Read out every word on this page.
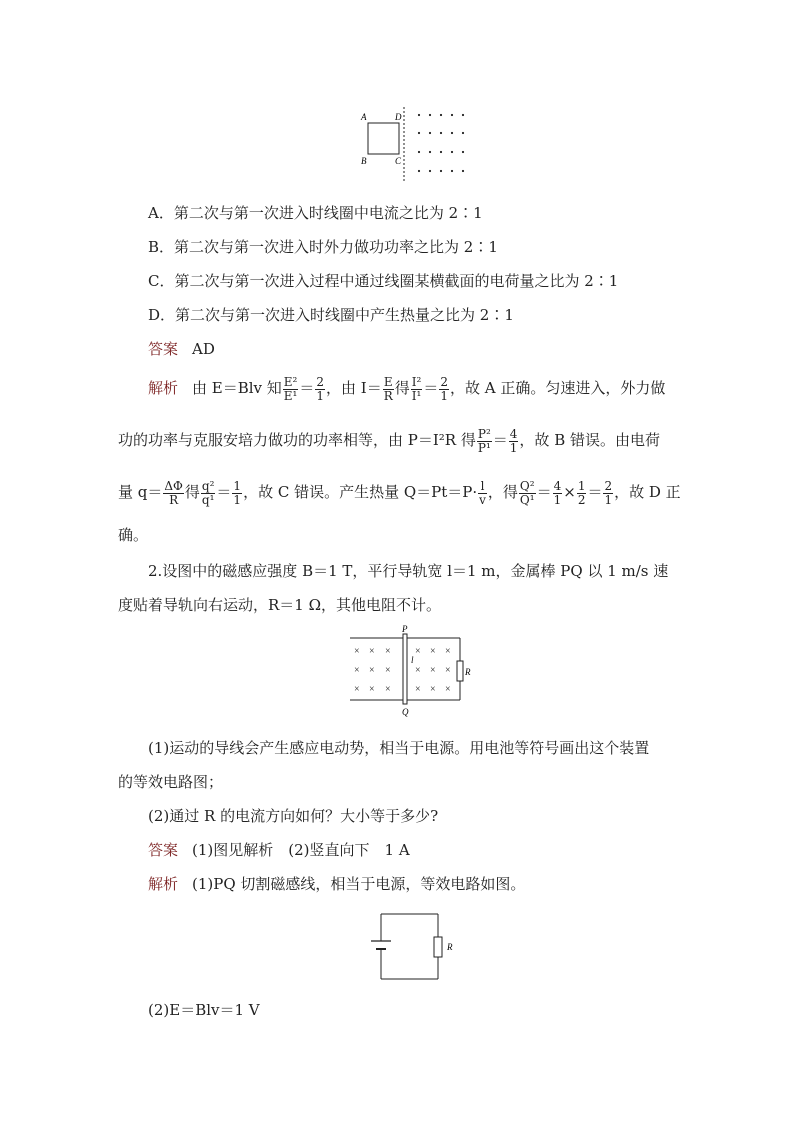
A	D
B	C
A．第二次与第一次进入时线圈中电流之比为 2∶1
B．第二次与第一次进入时外力做功功率之比为 2∶1
C．第二次与第一次进入过程中通过线圈某横截面的电荷量之比为 2∶1
D．第二次与第一次进入时线圈中产生热量之比为 2∶1
答案 AD
解析 由 E＝Blv 知 $\frac{\text{E²}}{\text{E¹}} = \frac{2}{1}$ ，由 $I= \frac{E}{R}$ 得 $\frac{\text{I²}}{\text{I¹}} = \frac{2}{1}$ ，故 A 正确。匀速进入，外力做
功的功率与克服安培力做功的功率相等，由 P＝I²R 得 $\frac{\text{P²}}{\text{P¹}} = \frac{4}{1}$ ，故 B 错误。由电荷
量 $q= \frac{\Delta\Phi}{R}$ 得 $\frac{\text{q²}}{\text{q¹}} = \frac{1}{1}$ ，故 C 错误。产生热量 $Q=Pt=P\cdot \frac{l}{v}$ ，得 $\frac{\text{Q²}}{\text{Q¹}} = \frac{4}{1} \times \frac{1}{2} = \frac{2}{1}$ ，故 D 正
确。
2.设图中的磁感应强度 B＝1 T，平行导轨宽 l＝1 m，金属棒 PQ 以 1 m/s 速
度贴着导轨向右运动，R＝1 Ω，其他电阻不计。
R
P
Q
l
× × × × × ×
× × × × × ×
× × × × × ×
(1)运动的导线会产生感应电动势，相当于电源。用电池等符号画出这个装置
的等效电路图；
(2)通过 R 的电流方向如何？大小等于多少?
答案 (1)图见解析　(2)竖直向下　1 A
解析 (1)PQ 切割磁感线，相当于电源，等效电路如图。
R
(2)E＝Blv＝1 V
